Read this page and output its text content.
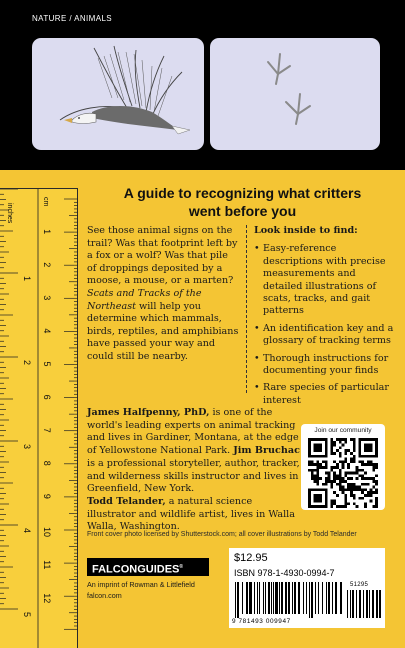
NATURE / ANIMALS
inches
cm
1
2
3
4
5
1
2
3
4
5
6
7
8
9
10
11
12
A guide to recognizing what critters
went before you
See those animal signs on the trail? Was that footprint left by a fox or a wolf? Was that pile of droppings deposited by a moose, a mouse, or a marten? Scats and Tracks of the Northeast will help you determine which mammals, birds, reptiles, and amphibians have passed your way and could still be nearby.
Look inside to find:
• Easy-reference descriptions with precise measurements and detailed illustrations of scats, tracks, and gait patterns
• An identification key and a glossary of tracking terms
• Thorough instructions for documenting your finds
• Rare species of particular interest
James Halfpenny, PhD, is one of the world's leading experts on animal tracking and lives in Gardiner, Montana, at the edge of Yellowstone National Park. Jim Bruchac is a professional storyteller, author, tracker, and wilderness skills instructor and lives in Greenfield, New York.
Todd Telander, a natural science illustrator and wildlife artist, lives in Walla Walla, Washington.
Join our community
Front cover photo licensed by Shutterstock.com; all cover illustrations by Todd Telander
FALCONGUIDES®
An imprint of Rowman & Littlefield
falcon.com
$12.95
ISBN 978-1-4930-0994-7
9 781493 009947
51295
